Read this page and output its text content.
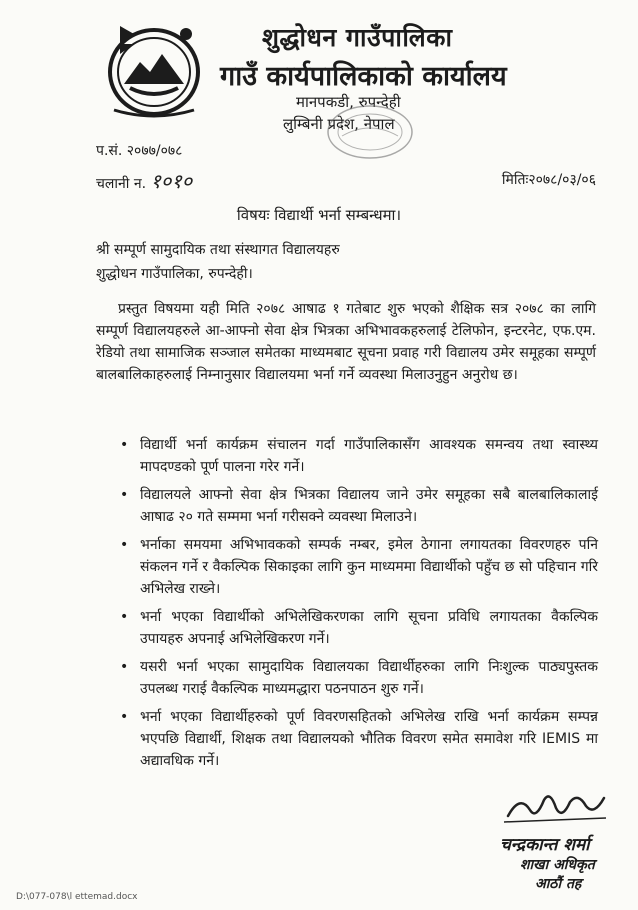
शुद्धोधन गाउँपालिका
गाउँ कार्यपालिकाको कार्यालय
मानपकडी, रुपन्देही
लुम्बिनी प्रदेश, नेपाल
प.सं. २०७७/०७८
चलानी न. १०१०	मितिः२०७८/०३/०६
विषयः विद्यार्थी भर्ना सम्बन्धमा।
श्री सम्पूर्ण सामुदायिक तथा संस्थागत विद्यालयहरु
शुद्धोधन गाउँपालिका, रुपन्देही।
प्रस्तुत विषयमा यही मिति २०७८ आषाढ १ गतेबाट शुरु भएको शैक्षिक सत्र २०७८ का लागि सम्पूर्ण विद्यालयहरुले आ-आफ्नो सेवा क्षेत्र भित्रका अभिभावकहरुलाई टेलिफोन, इन्टरनेट, एफ.एम. रेडियो तथा सामाजिक सञ्जाल समेतका माध्यमबाट सूचना प्रवाह गरी विद्यालय उमेर समूहका सम्पूर्ण बालबालिकाहरुलाई निम्नानुसार विद्यालयमा भर्ना गर्ने व्यवस्था मिलाउनुहुन अनुरोध छ।
• विद्यार्थी भर्ना कार्यक्रम संचालन गर्दा गाउँपालिकासँग आवश्यक समन्वय तथा स्वास्थ्य मापदण्डको पूर्ण पालना गरेर गर्ने।
• विद्यालयले आफ्नो सेवा क्षेत्र भित्रका विद्यालय जाने उमेर समूहका सबै बालबालिकालाई आषाढ २० गते सम्ममा भर्ना गरीसक्ने व्यवस्था मिलाउने।
• भर्नाका समयमा अभिभावकको सम्पर्क नम्बर, इमेल ठेगाना लगायतका विवरणहरु पनि संकलन गर्ने र वैकल्पिक सिकाइका लागि कुन माध्यममा विद्यार्थीको पहुँच छ सो पहिचान गरि अभिलेख राख्ने।
• भर्ना भएका विद्यार्थीको अभिलेखिकरणका लागि सूचना प्रविधि लगायतका वैकल्पिक उपायहरु अपनाई अभिलेखिकरण गर्ने।
• यसरी भर्ना भएका सामुदायिक विद्यालयका विद्यार्थीहरुका लागि निःशुल्क पाठ्यपुस्तक उपलब्ध गराई वैकल्पिक माध्यमद्धारा पठनपाठन शुरु गर्ने।
• भर्ना भएका विद्यार्थीहरुको पूर्ण विवरणसहितको अभिलेख राखि भर्ना कार्यक्रम सम्पन्न भएपछि विद्यार्थी, शिक्षक तथा विद्यालयको भौतिक विवरण समेत समावेश गरि IEMIS मा अद्यावधिक गर्ने।
चन्द्रकान्त शर्मा
शाखा अधिकृत
आठौं तह
D:\077-078\l ettemad.docx
